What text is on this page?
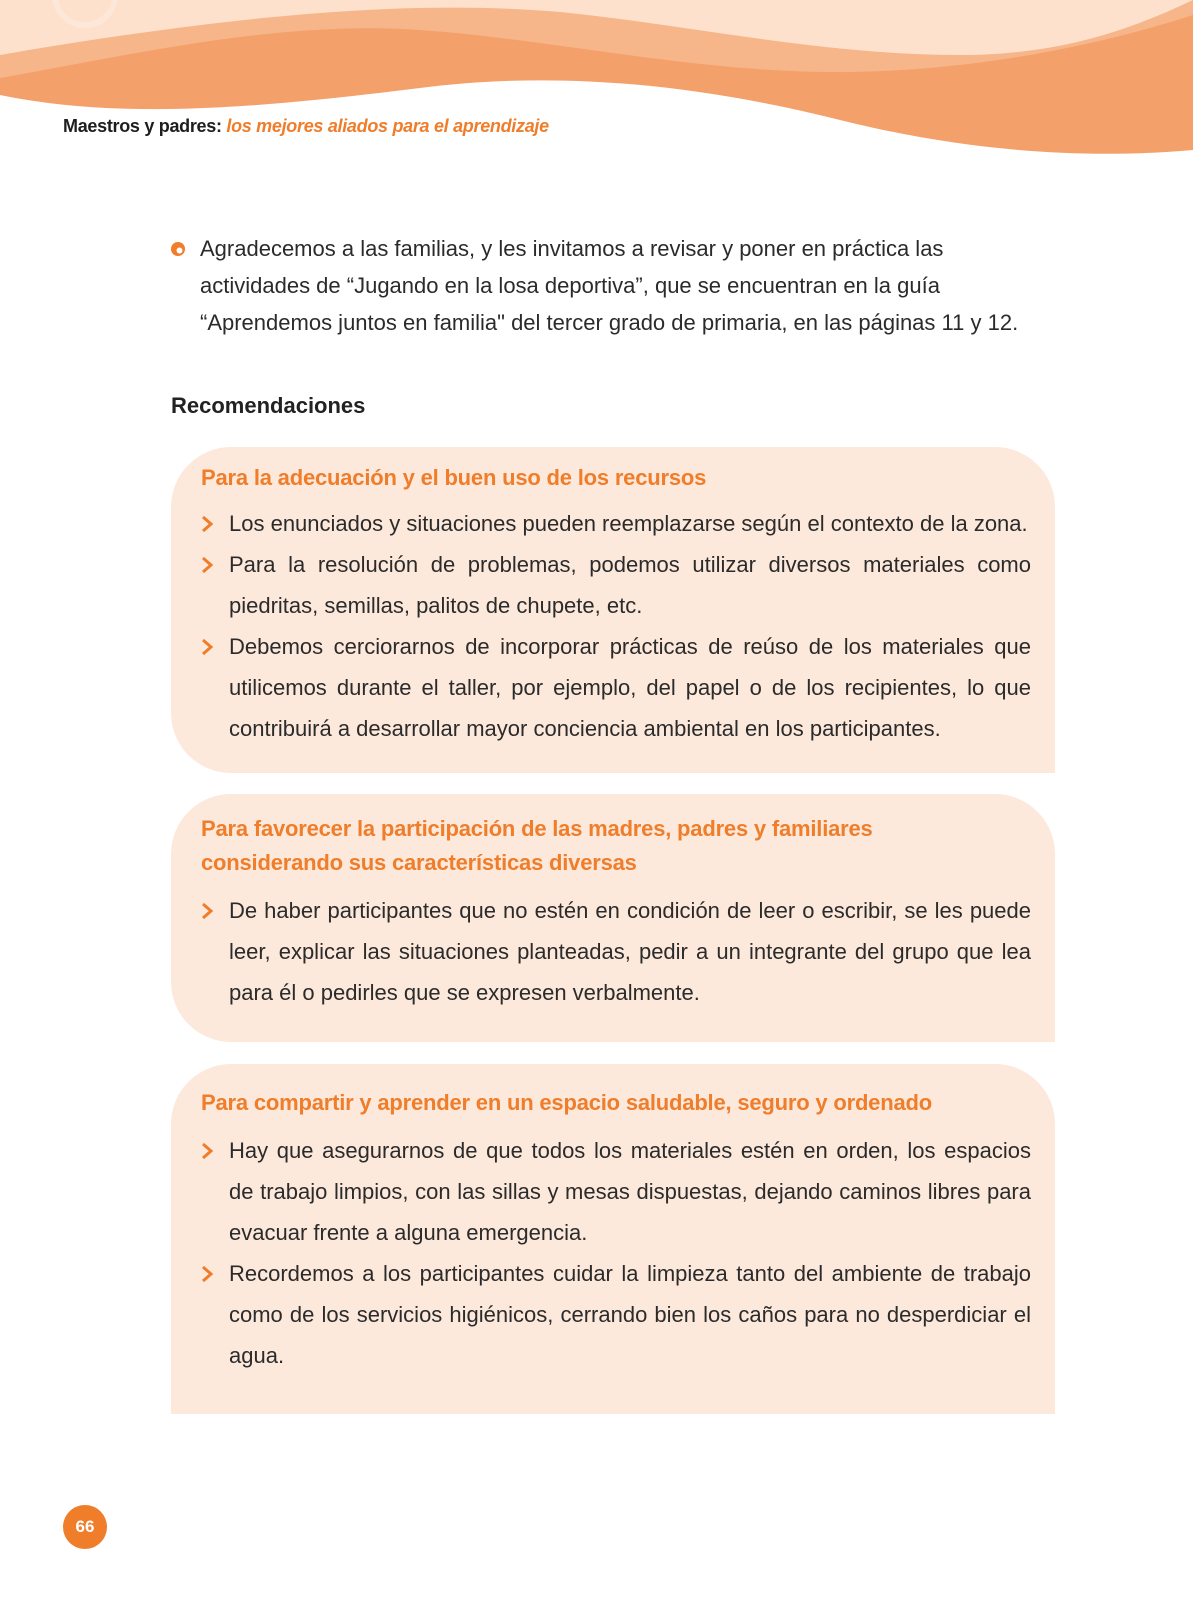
Maestros y padres: los mejores aliados para el aprendizaje

Agradecemos a las familias, y les invitamos a revisar y poner en práctica las actividades de “Jugando en la losa deportiva”, que se encuentran en la guía “Aprendemos juntos en familia" del tercer grado de primaria, en las páginas 11 y 12.

Recomendaciones
Para la adecuación y el buen uso de los recursos
Los enunciados y situaciones pueden reemplazarse según el contexto de la zona.
Para la resolución de problemas, podemos utilizar diversos materiales como piedritas, semillas, palitos de chupete, etc.
Debemos cerciorarnos de incorporar prácticas de reúso de los materiales que utilicemos durante el taller, por ejemplo, del papel o de los recipientes, lo que contribuirá a desarrollar mayor conciencia ambiental en los participantes.
Para favorecer la participación de las madres, padres y familiares considerando sus características diversas
De haber participantes que no estén en condición de leer o escribir, se les puede leer, explicar las situaciones planteadas, pedir a un integrante del grupo que lea para él o pedirles que se expresen verbalmente.
Para compartir y aprender en un espacio saludable, seguro y ordenado
Hay que asegurarnos de que todos los materiales estén en orden, los espacios de trabajo limpios, con las sillas y mesas dispuestas, dejando caminos libres para evacuar frente a alguna emergencia.
Recordemos a los participantes cuidar la limpieza tanto del ambiente de trabajo como de los servicios higiénicos, cerrando bien los caños para no desperdiciar el agua.
66
